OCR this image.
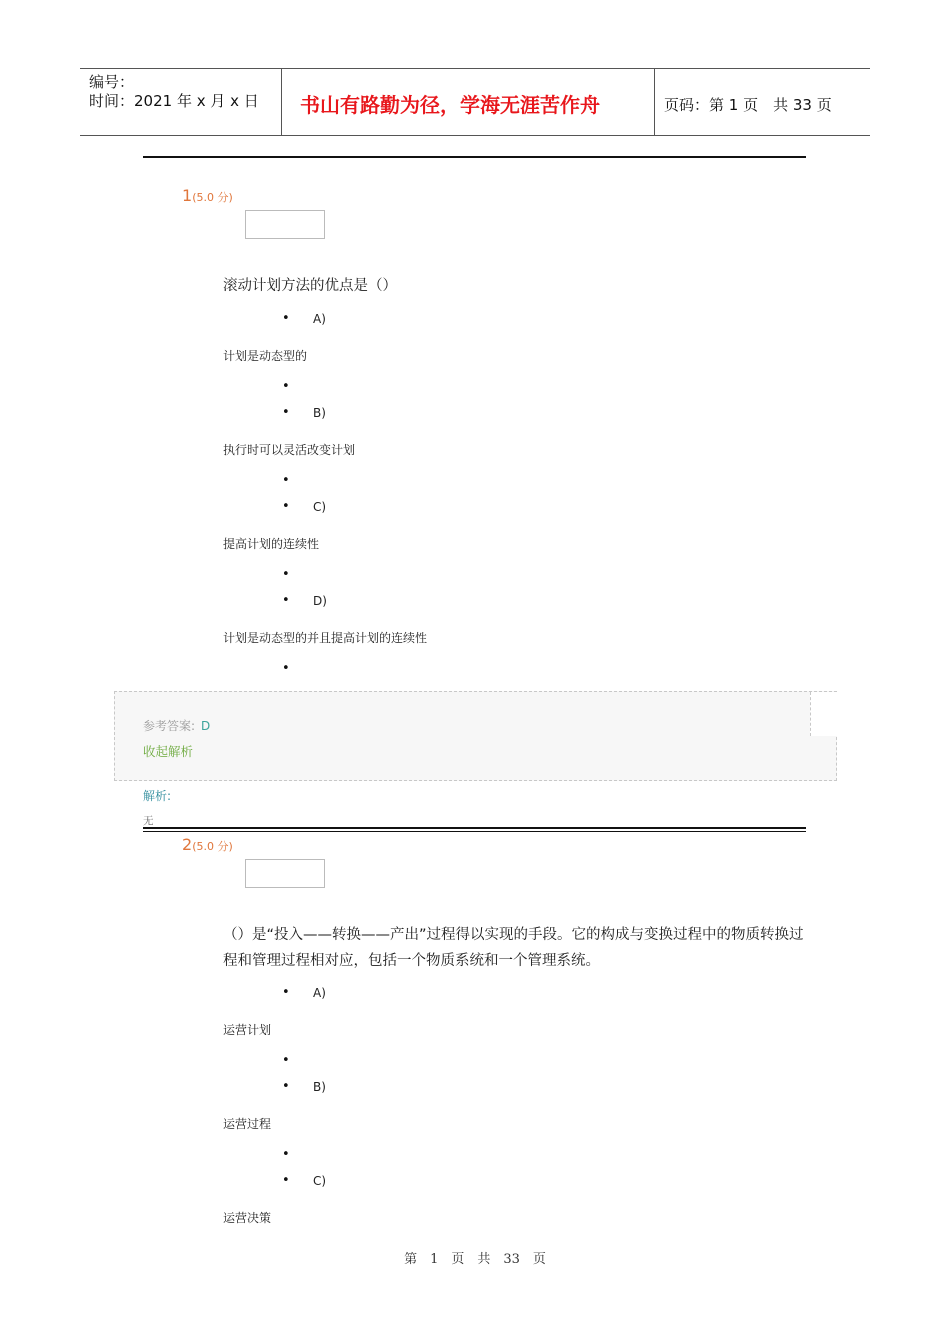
编号：
时间：2021 年 x 月 x 日 书山有路勤为径，学海无涯苦作舟	页码：第 1 页　共 33 页
1(5.0 分)
滚动计划方法的优点是（）
• A)
计划是动态型的
•
• B)
执行时可以灵活改变计划
•
• C)
提高计划的连续性
•
• D)
计划是动态型的并且提高计划的连续性
•
参考答案: D
收起解析
解析:
无
2(5.0 分)
（）是“投入——转换——产出”过程得以实现的手段。它的构成与变换过程中的物质转换过程和管理过程相对应，包括一个物质系统和一个管理系统。
• A)
运营计划
•
• B)
运营过程
•
• C)
运营决策
第　1　页　共　33　页
